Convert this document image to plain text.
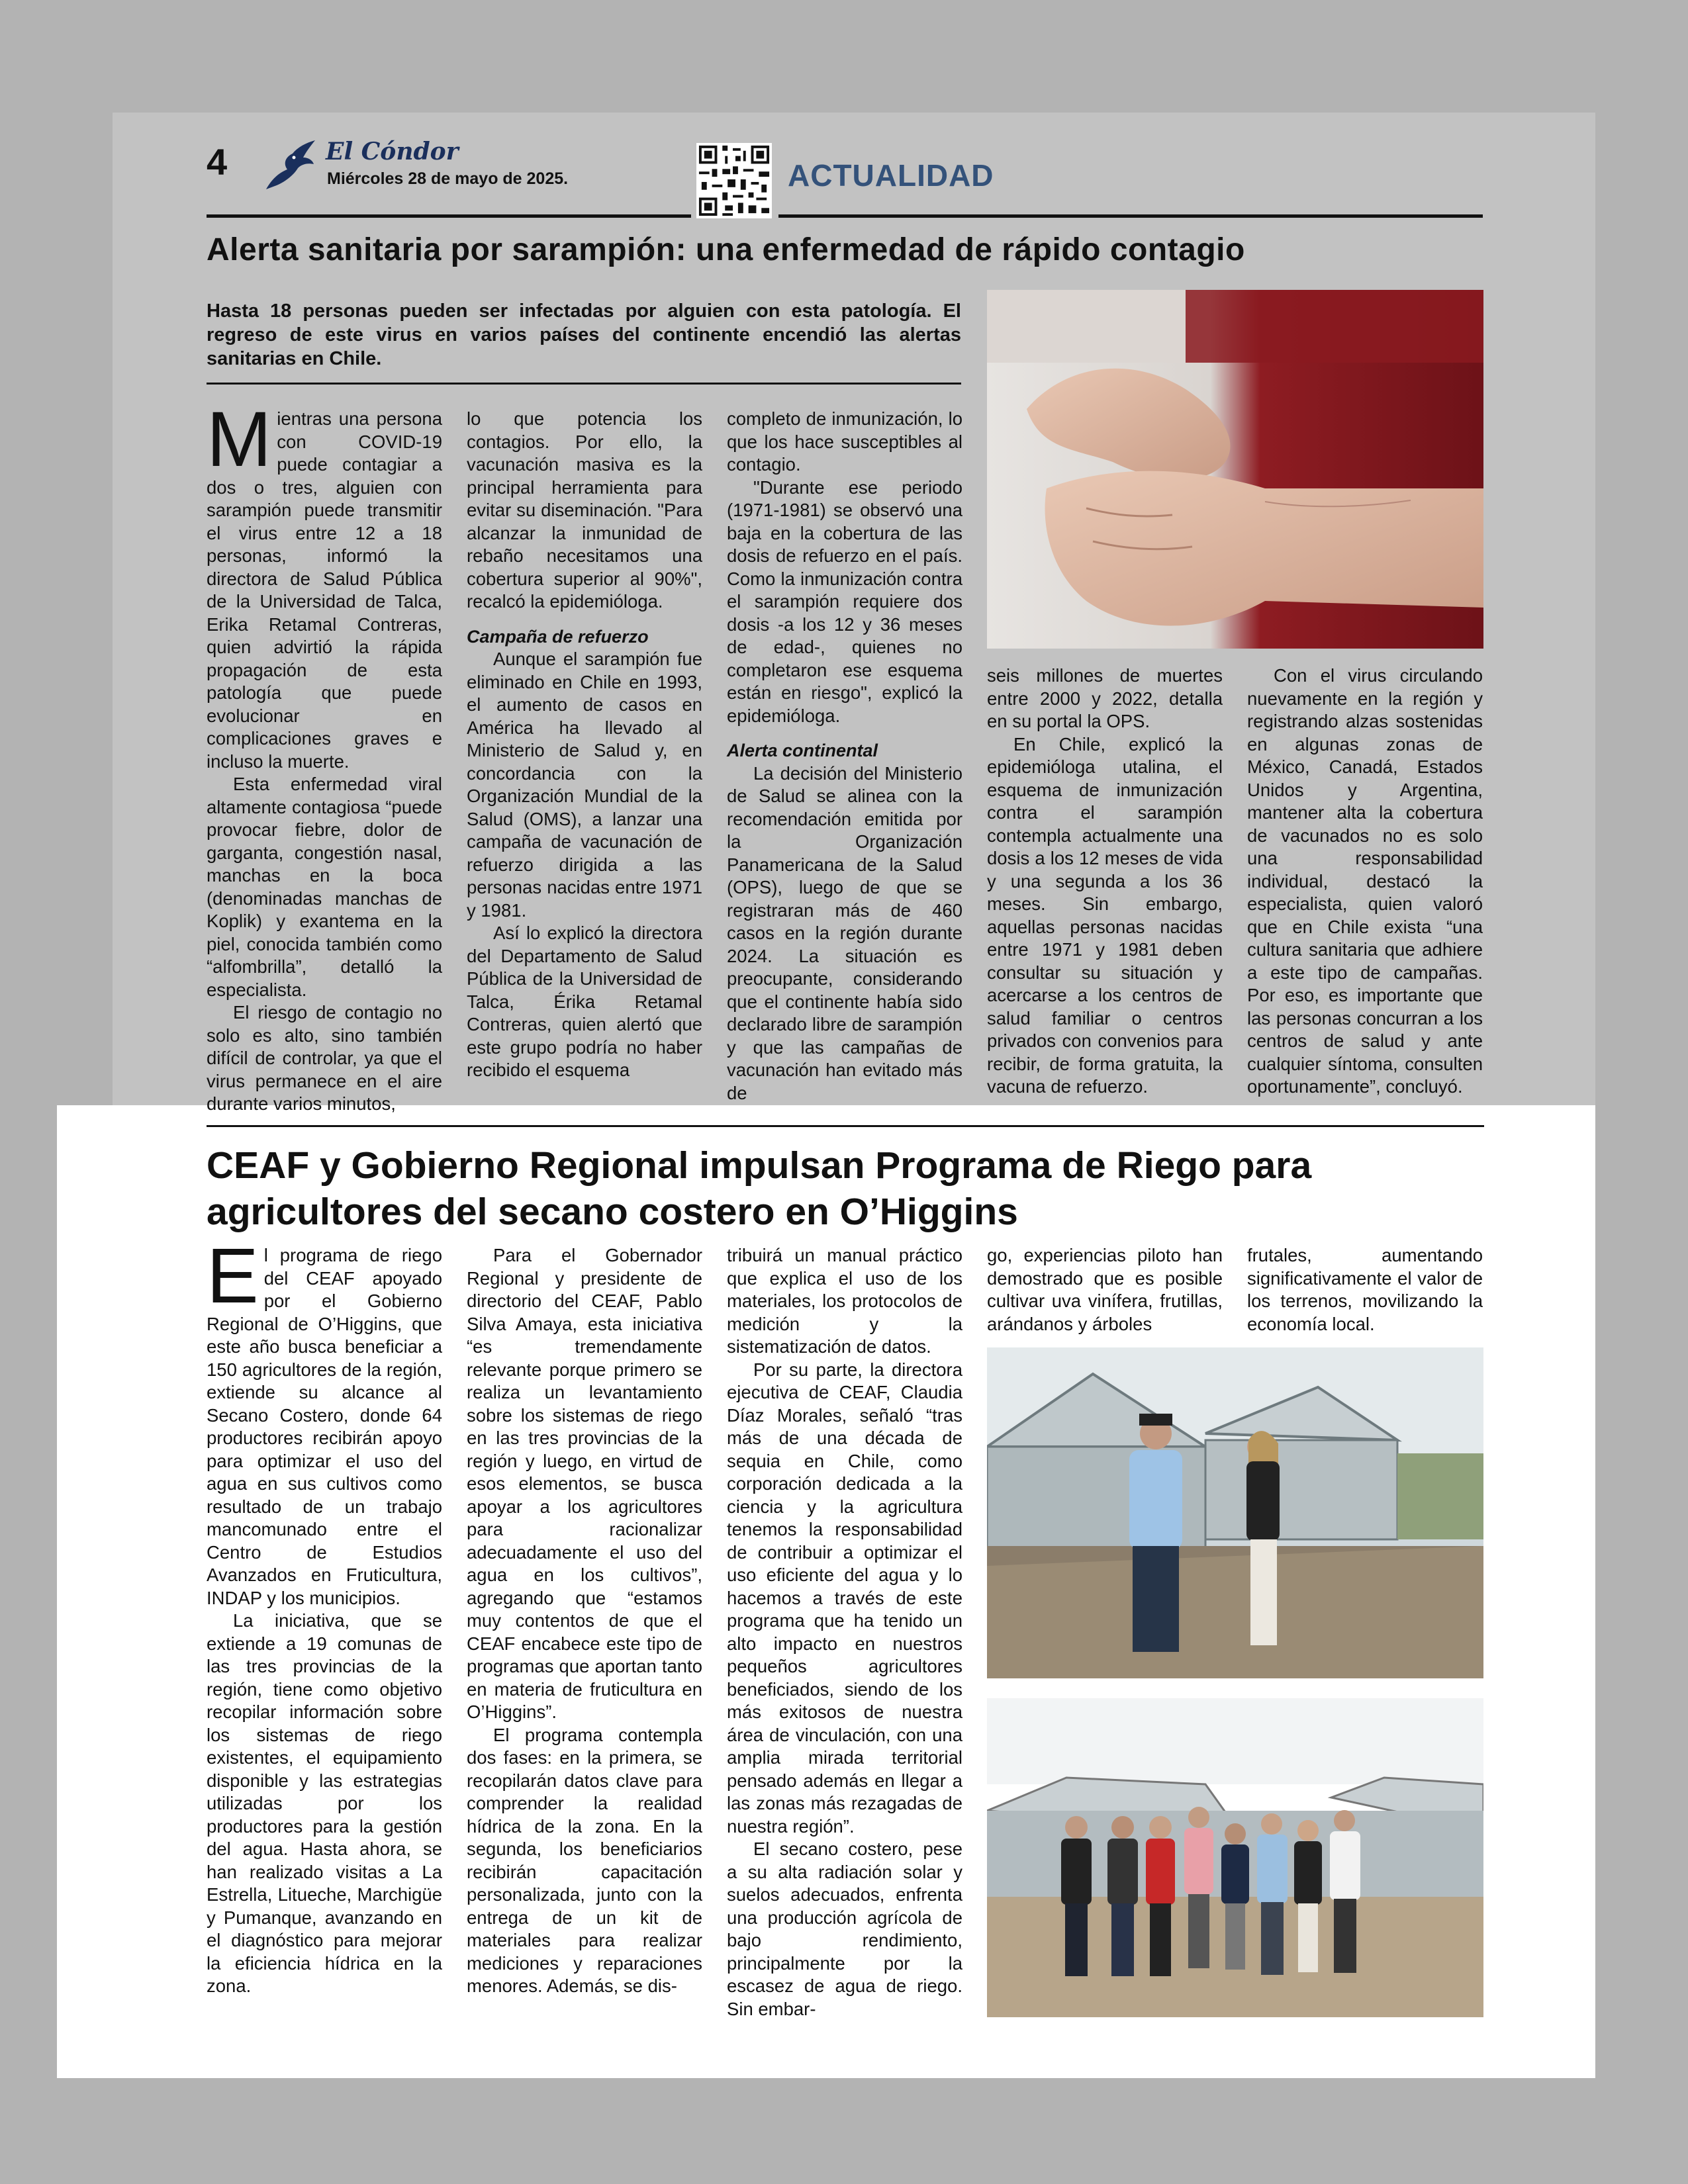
4	El Cóndor
Miércoles 28 de mayo de 2025.	ACTUALIDAD
Alerta sanitaria por sarampión: una enfermedad de rápido contagio
Hasta 18 personas pueden ser infectadas por alguien con esta patología. El regreso de este virus en varios países del continente encendió las alertas sanitarias en Chile.
M ientras una persona con COVID-19 puede contagiar a dos o tres, alguien con sarampión puede transmitir el virus entre 12 a 18 personas, informó la directora de Salud Pública de la Universidad de Talca, Erika Retamal Contreras, quien advirtió la rápida propagación de esta patología que puede evolucionar en complicaciones graves e incluso la muerte.

Esta enfermedad viral altamente contagiosa “puede provocar fiebre, dolor de garganta, congestión nasal, manchas en la boca (denominadas manchas de Koplik) y exantema en la piel, conocida también como “alfombrilla”, detalló la especialista.

El riesgo de contagio no solo es alto, sino también difícil de controlar, ya que el virus permanece en el aire durante varios minutos,

lo que potencia los contagios. Por ello, la vacunación masiva es la principal herramienta para evitar su diseminación. "Para alcanzar la inmunidad de rebaño necesitamos una cobertura superior al 90%", recalcó la epidemióloga.

Campaña de refuerzo

Aunque el sarampión fue eliminado en Chile en 1993, el aumento de casos en América ha llevado al Ministerio de Salud y, en concordancia con la Organización Mundial de la Salud (OMS), a lanzar una campaña de vacunación de refuerzo dirigida a las personas nacidas entre 1971 y 1981.

Así lo explicó la directora del Departamento de Salud Pública de la Universidad de Talca, Érika Retamal Contreras, quien alertó que este grupo podría no haber recibido el esquema

completo de inmunización, lo que los hace susceptibles al contagio.

"Durante ese periodo (1971-1981) se observó una baja en la cobertura de las dosis de refuerzo en el país. Como la inmunización contra el sarampión requiere dos dosis -a los 12 y 36 meses de edad-, quienes no completaron ese esquema están en riesgo", explicó la epidemióloga.

Alerta continental

La decisión del Ministerio de Salud se alinea con la recomendación emitida por la Organización Panamericana de la Salud (OPS), luego de que se registraran más de 460 casos en la región durante 2024. La situación es preocupante, considerando que el continente había sido declarado libre de sarampión y que las campañas de vacunación han evitado más de

seis millones de muertes entre 2000 y 2022, detalla en su portal la OPS.

En Chile, explicó la epidemióloga utalina, el esquema de inmunización contra el sarampión contempla actualmente una dosis a los 12 meses de vida y una segunda a los 36 meses. Sin embargo, aquellas personas nacidas entre 1971 y 1981 deben consultar su situación y acercarse a los centros de salud familiar o centros privados con convenios para recibir, de forma gratuita, la vacuna de refuerzo.

Con el virus circulando nuevamente en la región y registrando alzas sostenidas en algunas zonas de México, Canadá, Estados Unidos y Argentina, mantener alta la cobertura de vacunados no es solo una responsabilidad individual, destacó la especialista, quien valoró que en Chile exista “una cultura sanitaria que adhiere a este tipo de campañas. Por eso, es importante que las personas concurran a los centros de salud y ante cualquier síntoma, consulten oportunamente”, concluyó.

CEAF y Gobierno Regional impulsan Programa de Riego para agricultores del secano costero en O’Higgins
E l programa de riego del CEAF apoyado por el Gobierno Regional de O’Higgins, que este año busca beneficiar a 150 agricultores de la región, extiende su alcance al Secano Costero, donde 64 productores recibirán apoyo para optimizar el uso del agua en sus cultivos como resultado de un trabajo mancomunado entre el Centro de Estudios Avanzados en Fruticultura, INDAP y los municipios.

La iniciativa, que se extiende a 19 comunas de las tres provincias de la región, tiene como objetivo recopilar información sobre los sistemas de riego existentes, el equipamiento disponible y las estrategias utilizadas por los productores para la gestión del agua. Hasta ahora, se han realizado visitas a La Estrella, Litueche, Marchigüe y Pumanque, avanzando en el diagnóstico para mejorar la eficiencia hídrica en la zona.

Para el Gobernador Regional y presidente de directorio del CEAF, Pablo Silva Amaya, esta iniciativa “es tremendamente relevante porque primero se realiza un levantamiento sobre los sistemas de riego en las tres provincias de la región y luego, en virtud de esos elementos, se busca apoyar a los agricultores para racionalizar adecuadamente el uso del agua en los cultivos”, agregando que “estamos muy contentos de que el CEAF encabece este tipo de programas que aportan tanto en materia de fruticultura en O’Higgins”.

El programa contempla dos fases: en la primera, se recopilarán datos clave para comprender la realidad hídrica de la zona. En la segunda, los beneficiarios recibirán capacitación personalizada, junto con la entrega de un kit de materiales para realizar mediciones y reparaciones menores. Además, se dis-

tribuirá un manual práctico que explica el uso de los materiales, los protocolos de medición y la sistematización de datos.

Por su parte, la directora ejecutiva de CEAF, Claudia Díaz Morales, señaló “tras más de una década de sequia en Chile, como corporación dedicada a la ciencia y la agricultura tenemos la responsabilidad de contribuir a optimizar el uso eficiente del agua y lo hacemos a través de este programa que ha tenido un alto impacto en nuestros pequeños agricultores beneficiados, siendo de los más exitosos de nuestra área de vinculación, con una amplia mirada territorial pensado además en llegar a las zonas más rezagadas de nuestra región”.

El secano costero, pese a su alta radiación solar y suelos adecuados, enfrenta una producción agrícola de bajo rendimiento, principalmente por la escasez de agua de riego. Sin embar-

go, experiencias piloto han demostrado que es posible cultivar uva vinífera, frutillas, arándanos y árboles

frutales, aumentando significativamente el valor de los terrenos, movilizando la economía local.
